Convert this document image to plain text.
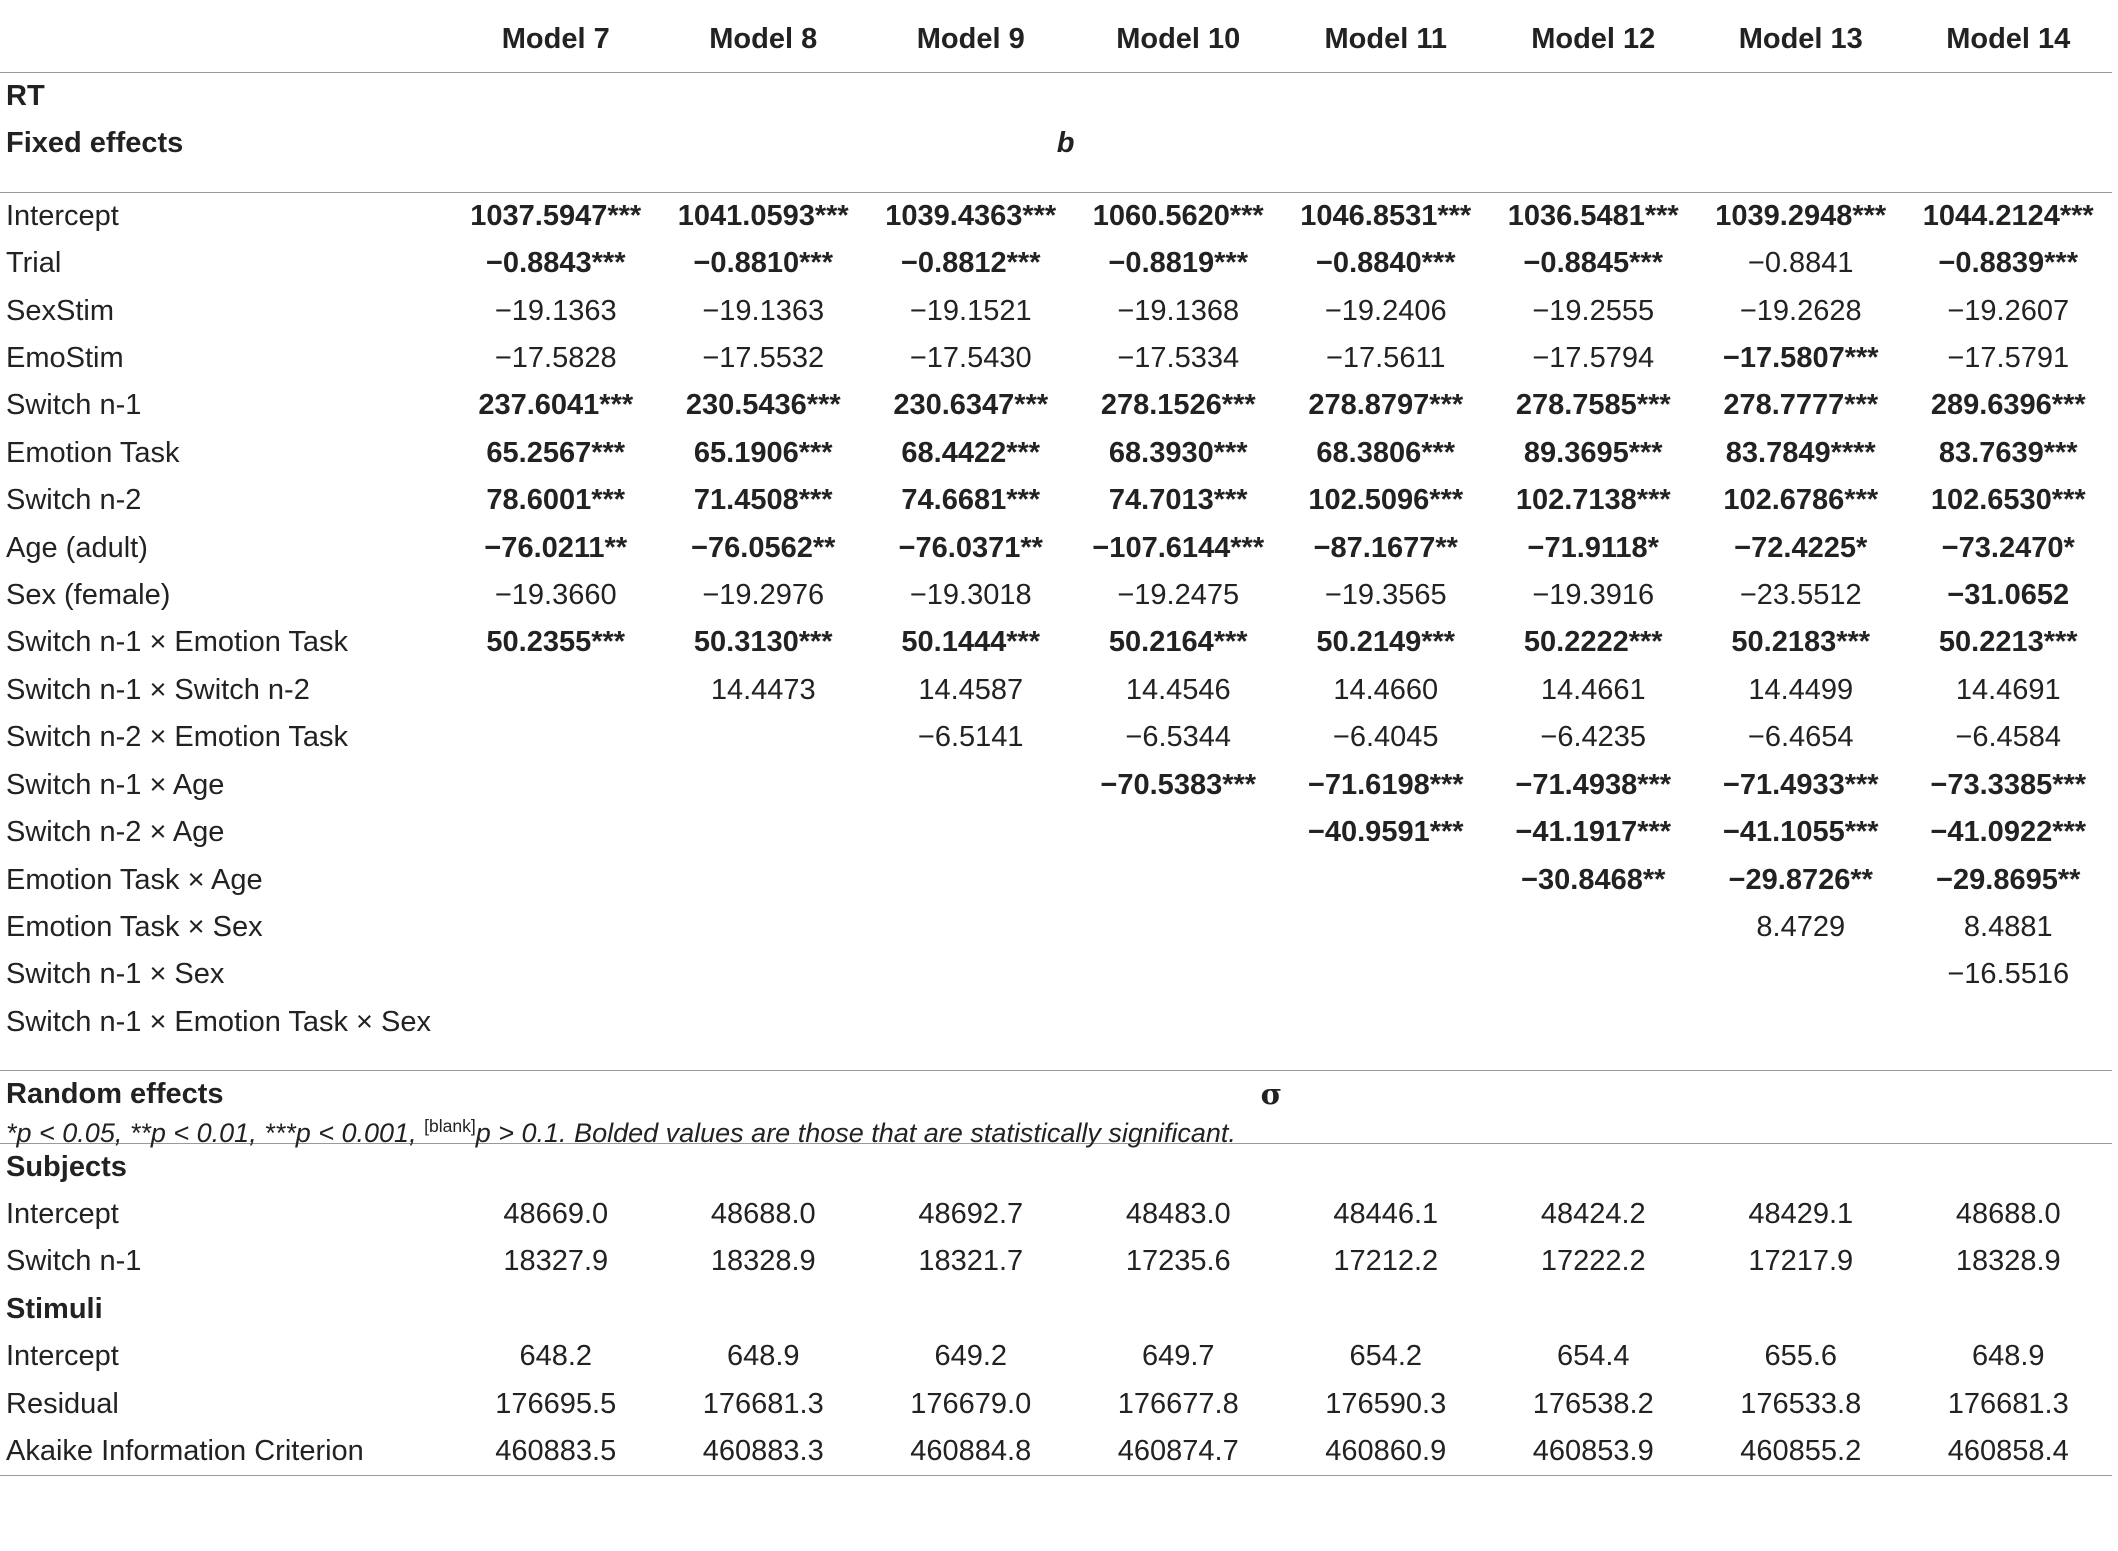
	Model 7	Model 8	Model 9	Model 10	Model 11	Model 12	Model 13	Model 14
RT								
Fixed effects			b					

Intercept	1037.5947***	1041.0593***	1039.4363***	1060.5620***	1046.8531***	1036.5481***	1039.2948***	1044.2124***
Trial	−0.8843***	−0.8810***	−0.8812***	−0.8819***	−0.8840***	−0.8845***	−0.8841	−0.8839***
SexStim	−19.1363	−19.1363	−19.1521	−19.1368	−19.2406	−19.2555	−19.2628	−19.2607
EmoStim	−17.5828	−17.5532	−17.5430	−17.5334	−17.5611	−17.5794	−17.5807***	−17.5791
Switch n-1	237.6041***	230.5436***	230.6347***	278.1526***	278.8797***	278.7585***	278.7777***	289.6396***
Emotion Task	65.2567***	65.1906***	68.4422***	68.3930***	68.3806***	89.3695***	83.7849****	83.7639***
Switch n-2	78.6001***	71.4508***	74.6681***	74.7013***	102.5096***	102.7138***	102.6786***	102.6530***
Age (adult)	−76.0211**	−76.0562**	−76.0371**	−107.6144***	−87.1677**	−71.9118*	−72.4225*	−73.2470*
Sex (female)	−19.3660	−19.2976	−19.3018	−19.2475	−19.3565	−19.3916	−23.5512	−31.0652
Switch n-1 × Emotion Task	50.2355***	50.3130***	50.1444***	50.2164***	50.2149***	50.2222***	50.2183***	50.2213***
Switch n-1 × Switch n-2		14.4473	14.4587	14.4546	14.4660	14.4661	14.4499	14.4691
Switch n-2 × Emotion Task			−6.5141	−6.5344	−6.4045	−6.4235	−6.4654	−6.4584
Switch n-1 × Age				−70.5383***	−71.6198***	−71.4938***	−71.4933***	−73.3385***
Switch n-2 × Age					−40.9591***	−41.1917***	−41.1055***	−41.0922***
Emotion Task × Age						−30.8468**	−29.8726**	−29.8695**
Emotion Task × Sex							8.4729	8.4881
Switch n-1 × Sex								−16.5516
Switch n-1 × Emotion Task × Sex								

Random effects				σ				

Subjects								
Intercept	48669.0	48688.0	48692.7	48483.0	48446.1	48424.2	48429.1	48688.0
Switch n-1	18327.9	18328.9	18321.7	17235.6	17212.2	17222.2	17217.9	18328.9
Stimuli								
Intercept	648.2	648.9	649.2	649.7	654.2	654.4	655.6	648.9
Residual	176695.5	176681.3	176679.0	176677.8	176590.3	176538.2	176533.8	176681.3
Akaike Information Criterion	460883.5	460883.3	460884.8	460874.7	460860.9	460853.9	460855.2	460858.4
*p < 0.05, **p < 0.01, ***p < 0.001, [blank]p > 0.1. Bolded values are those that are statistically significant.
